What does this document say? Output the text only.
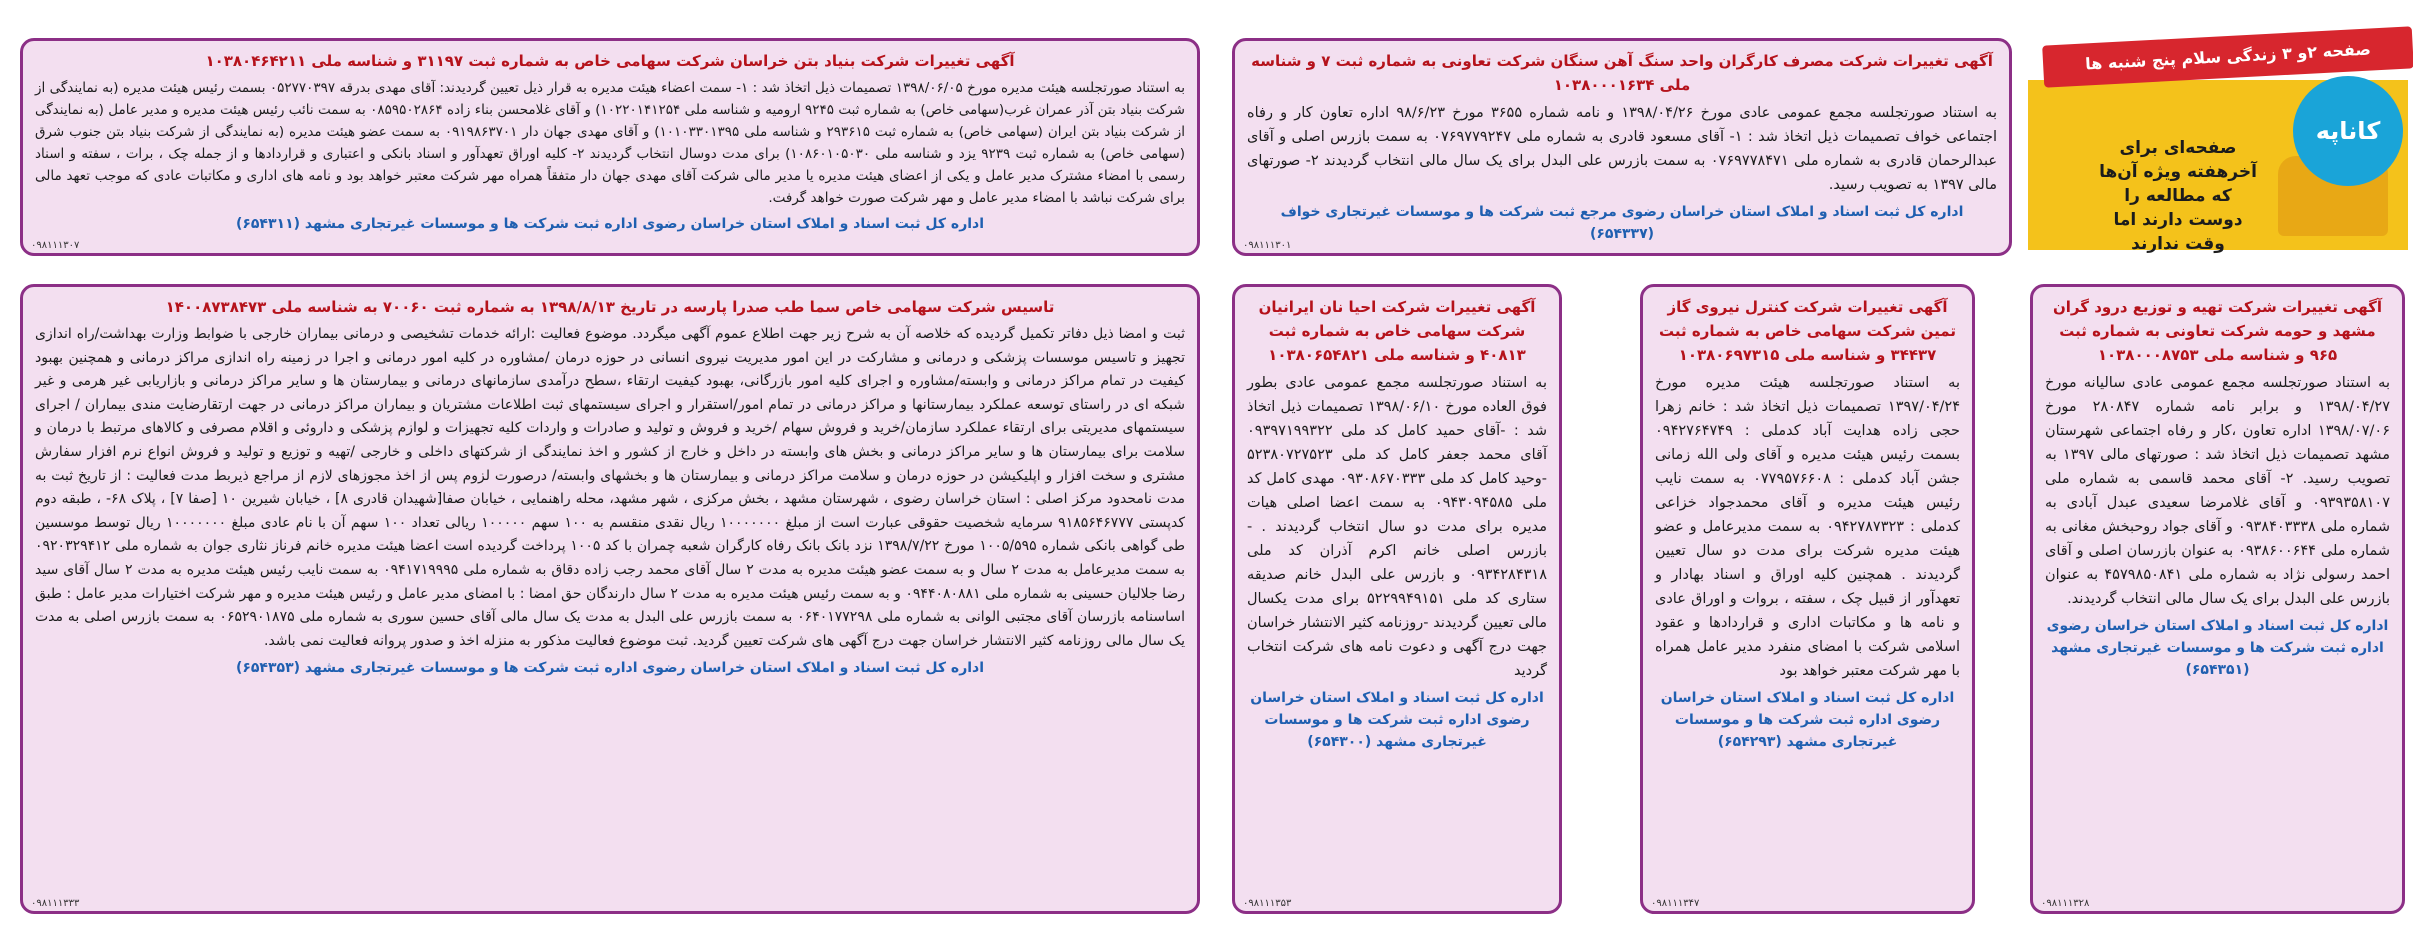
آگهی تغییرات شرکت بنیاد بتن خراسان شرکت سهامی خاص به شماره ثبت ۳۱۱۹۷ و شناسه ملی ۱۰۳۸۰۴۶۴۲۱۱
به استناد صورتجلسه هیئت مدیره مورخ ۱۳۹۸/۰۶/۰۵ تصمیمات ذیل اتخاذ شد : ۱- سمت اعضاء هیئت مدیره به قرار ذیل تعیین گردیدند: آقای مهدی بدرقه ۰۵۲۷۷۰۳۹۷ بسمت رئیس هیئت مدیره (به نمایندگی از شرکت بنیاد بتن آذر عمران غرب(سهامی خاص) به شماره ثبت ۹۲۴۵ ارومیه و شناسه ملی ۱۰۲۲۰۱۴۱۲۵۴) و آقای غلامحسن بناء زاده ۰۸۵۹۵۰۲۸۶۴ به سمت نائب رئیس هیئت مدیره و مدیر عامل (به نمایندگی از شرکت بنیاد بتن ایران (سهامی خاص) به شماره ثبت ۲۹۳۶۱۵ و شناسه ملی ۱۰۱۰۳۳۰۱۳۹۵) و آقای مهدی جهان دار ۰۹۱۹۸۶۳۷۰۱ به سمت عضو هیئت مدیره (به نمایندگی از شرکت بنیاد بتن جنوب شرق (سهامی خاص) به شماره ثبت ۹۲۳۹ یزد و شناسه ملی ۱۰۸۶۰۱۰۵۰۳۰) برای مدت دوسال انتخاب گردیدند ۲- کلیه اوراق تعهدآور و اسناد بانکی و اعتباری و قراردادها و از جمله چک ، برات ، سفته و اسناد رسمی با امضاء مشترک مدیر عامل و یکی از اعضای هیئت مدیره یا مدیر مالی شرکت آقای مهدی جهان دار متفقاً همراه مهر شرکت معتبر خواهد بود و نامه های اداری و مکاتبات عادی که موجب تعهد مالی برای شرکت نباشد با امضاء مدیر عامل و مهر شرکت صورت خواهد گرفت.
اداره کل ثبت اسناد و املاک استان خراسان رضوی اداره ثبت شرکت ها و موسسات غیرتجاری مشهد (۶۵۴۳۱۱)
۰۹۸۱۱۱۳۰۷
آگهی تغییرات شرکت مصرف کارگران واحد سنگ آهن سنگان شرکت تعاونی به شماره ثبت ۷ و شناسه ملی ۱۰۳۸۰۰۰۱۶۳۴
به استناد صورتجلسه مجمع عمومی عادی مورخ ۱۳۹۸/۰۴/۲۶ و نامه شماره ۳۶۵۵ مورخ ۹۸/۶/۲۳ اداره تعاون کار و رفاه اجتماعی خواف تصمیمات ذیل اتخاذ شد : ۱- آقای مسعود قادری به شماره ملی ۰۷۶۹۷۷۹۲۴۷ به سمت بازرس اصلی و آقای عبدالرحمان قادری به شماره ملی ۰۷۶۹۷۷۸۴۷۱ به سمت بازرس علی البدل برای یک سال مالی انتخاب گردیدند ۲- صورتهای مالی ۱۳۹۷ به تصویب رسید.
اداره کل ثبت اسناد و املاک استان خراسان رضوی مرجع ثبت شرکت ها و موسسات غیرتجاری خواف (۶۵۴۳۳۷)
۰۹۸۱۱۱۳۰۱
صفحه‌ای برای آخرهفته ویژه آن‌ها که مطالعه را دوست دارند اما وقت ندارند
کاناپه
صفحه ۲و ۳ زندگی سلام پنج شنبه ها
تاسیس شرکت سهامی خاص سما طب صدرا پارسه در تاریخ ۱۳۹۸/۸/۱۳ به شماره ثبت ۷۰۰۶۰ به شناسه ملی ۱۴۰۰۸۷۳۸۴۷۳
ثبت و امضا ذیل دفاتر تکمیل گردیده که خلاصه آن به شرح زیر جهت اطلاع عموم آگهی میگردد. موضوع فعالیت :ارائه خدمات تشخیصی و درمانی بیماران خارجی با ضوابط وزارت بهداشت/راه اندازی تجهیز و تاسیس موسسات پزشکی و درمانی و مشارکت در این امور مدیریت نیروی انسانی در حوزه درمان /مشاوره در کلیه امور درمانی و اجرا در زمینه راه اندازی مراکز درمانی و همچنین بهبود کیفیت در تمام مراکز درمانی و وابسته/مشاوره و اجرای کلیه امور بازرگانی، بهبود کیفیت ارتقاء ،سطح درآمدی سازمانهای درمانی و بیمارستان ها و سایر مراکز درمانی و بازاریابی غیر هرمی و غیر شبکه ای در راستای توسعه عملکرد بیمارستانها و مراکز درمانی در تمام امور/استقرار و اجرای سیستمهای ثبت اطلاعات مشتریان و بیماران مراکز درمانی در جهت ارتقارضایت مندی بیماران / اجرای سیستمهای مدیریتی برای ارتقاء عملکرد سازمان/خرید و فروش سهام /خرید و فروش و تولید و صادرات و واردات کلیه تجهیزات و لوازم پزشکی و داروئی و اقلام مصرفی و کالاهای مرتبط با درمان و سلامت برای بیمارستان ها و سایر مراکز درمانی و بخش های وابسته در داخل و خارج از کشور و اخذ نمایندگی از شرکتهای داخلی و خارجی /تهیه و توزیع و تولید و فروش انواع نرم افزار سفارش مشتری و سخت افزار و اپلیکیشن در حوزه درمان و سلامت مراکز درمانی و بیمارستان ها و بخشهای وابسته/ درصورت لزوم پس از اخذ مجوزهای لازم از مراجع ذیربط مدت فعالیت : از تاریخ ثبت به مدت نامحدود مرکز اصلی : استان خراسان رضوی ، شهرستان مشهد ، بخش مرکزی ، شهر مشهد، محله راهنمایی ، خیابان صفا[شهیدان قادری ۸] ، خیابان شیرین ۱۰ [صفا ۷] ، پلاک ۶۸- ، طبقه دوم کدپستی ۹۱۸۵۶۴۶۷۷۷ سرمایه شخصیت حقوقی عبارت است از مبلغ ۱۰۰۰۰۰۰۰ ریال نقدی منقسم به ۱۰۰ سهم ۱۰۰۰۰۰ ریالی تعداد ۱۰۰ سهم آن با نام عادی مبلغ ۱۰۰۰۰۰۰۰ ریال توسط موسسین طی گواهی بانکی شماره ۱۰۰۵/۵۹۵ مورخ ۱۳۹۸/۷/۲۲ نزد بانک بانک رفاه کارگران شعبه چمران با کد ۱۰۰۵ پرداخت گردیده است اعضا هیئت مدیره خانم فرناز نثاری جوان به شماره ملی ۰۹۲۰۳۲۹۴۱۲ به سمت مدیرعامل به مدت ۲ سال و به سمت عضو هیئت مدیره به مدت ۲ سال آقای محمد رجب زاده دقاق به شماره ملی ۰۹۴۱۷۱۹۹۹۵ به سمت نایب رئیس هیئت مدیره به مدت ۲ سال آقای سید رضا جلالیان حسینی به شماره ملی ۰۹۴۴۰۸۰۸۸۱ و به سمت رئیس هیئت مدیره به مدت ۲ سال دارندگان حق امضا : با امضای مدیر عامل و رئیس هیئت مدیره و مهر شرکت اختیارات مدیر عامل : طبق اساسنامه بازرسان آقای مجتبی الوانی به شماره ملی ۰۶۴۰۱۷۷۲۹۸ به سمت بازرس علی البدل به مدت یک سال مالی آقای حسین سوری به شماره ملی ۰۶۵۲۹۰۱۸۷۵ به سمت بازرس اصلی به مدت یک سال مالی روزنامه کثیر الانتشار خراسان جهت درج آگهی های شرکت تعیین گردید. ثبت موضوع فعالیت مذکور به منزله اخذ و صدور پروانه فعالیت نمی باشد.
اداره کل ثبت اسناد و املاک استان خراسان رضوی اداره ثبت شرکت ها و موسسات غیرتجاری مشهد (۶۵۴۳۵۳)
۰۹۸۱۱۱۳۳۳
آگهی تغییرات شرکت احیا نان ایرانیان شرکت سهامی خاص به شماره ثبت ۴۰۸۱۳ و شناسه ملی ۱۰۳۸۰۶۵۴۸۲۱
به استناد صورتجلسه مجمع عمومی عادی بطور فوق العاده مورخ ۱۳۹۸/۰۶/۱۰ تصمیمات ذیل اتخاذ شد : -آقای حمید کامل کد ملی ۰۹۳۹۷۱۹۹۳۲۲ آقای محمد جعفر کامل کد ملی ۵۲۳۸۰۷۲۷۵۲۳ -وحید کامل کد ملی ۰۹۳۰۸۶۷۰۳۳۳ مهدی کامل کد ملی ۰۹۴۳۰۹۴۵۸۵ به سمت اعضا اصلی هیات مدیره برای مدت دو سال انتخاب گردیدند . - بازرس اصلی خانم اکرم آذران کد ملی ۰۹۳۴۲۸۴۳۱۸ و بازرس علی البدل خانم صدیقه ستاری کد ملی ۵۲۲۹۹۴۹۱۵۱ برای مدت یکسال مالی تعیین گردیدند -روزنامه کثیر الانتشار خراسان جهت درج آگهی و دعوت نامه های شرکت انتخاب گردید
اداره کل ثبت اسناد و املاک استان خراسان رضوی اداره ثبت شرکت ها و موسسات غیرتجاری مشهد (۶۵۴۳۰۰)
۰۹۸۱۱۱۳۵۳
آگهی تغییرات شرکت کنترل نیروی گاز تمین شرکت سهامی خاص به شماره ثبت ۳۴۴۳۷ و شناسه ملی ۱۰۳۸۰۶۹۷۳۱۵
به استناد صورتجلسه هیئت مدیره مورخ ۱۳۹۷/۰۴/۲۴ تصمیمات ذیل اتخاذ شد : خانم زهرا حجی زاده هدایت آباد کدملی : ۰۹۴۲۷۶۴۷۴۹ بسمت رئیس هیئت مدیره و آقای ولی الله زمانی جشن آباد کدملی : ۰۷۷۹۵۷۶۶۰۸ به سمت نایب رئیس هیئت مدیره و آقای محمدجواد خزاعی کدملی : ۰۹۴۲۷۸۷۳۲۳ به سمت مدیرعامل و عضو هیئت مدیره شرکت برای مدت دو سال تعیین گردیدند . همچنین کلیه اوراق و اسناد بهادار و تعهدآور از قبیل چک ، سفته ، بروات و اوراق عادی و نامه ها و مکاتبات اداری و قراردادها و عقود اسلامی شرکت با امضای منفرد مدیر عامل همراه با مهر شرکت معتبر خواهد بود
اداره کل ثبت اسناد و املاک استان خراسان رضوی اداره ثبت شرکت ها و موسسات غیرتجاری مشهد (۶۵۴۲۹۳)
۰۹۸۱۱۱۳۴۷
آگهی تغییرات شرکت تهیه و توزیع درود گران مشهد و حومه شرکت تعاونی به شماره ثبت ۹۶۵ و شناسه ملی ۱۰۳۸۰۰۰۸۷۵۳
به استناد صورتجلسه مجمع عمومی عادی سالیانه مورخ ۱۳۹۸/۰۴/۲۷ و برابر نامه شماره ۲۸۰۸۴۷ مورخ ۱۳۹۸/۰۷/۰۶ اداره تعاون ،کار و رفاه اجتماعی شهرستان مشهد تصمیمات ذیل اتخاذ شد : صورتهای مالی ۱۳۹۷ به تصویب رسید. ۲- آقای محمد قاسمی به شماره ملی ۰۹۳۹۳۵۸۱۰۷ و آقای غلامرضا سعیدی عبدل آبادی به شماره ملی ۰۹۳۸۴۰۳۳۳۸ و آقای جواد روحبخش مغانی به شماره ملی ۰۹۳۸۶۰۰۶۴۴ به عنوان بازرسان اصلی و آقای احمد رسولی نژاد به شماره ملی ۴۵۷۹۸۵۰۸۴۱ به عنوان بازرس علی البدل برای یک سال مالی انتخاب گردیدند.
اداره کل ثبت اسناد و املاک استان خراسان رضوی اداره ثبت شرکت ها و موسسات غیرتجاری مشهد (۶۵۴۳۵۱)
۰۹۸۱۱۱۳۲۸
